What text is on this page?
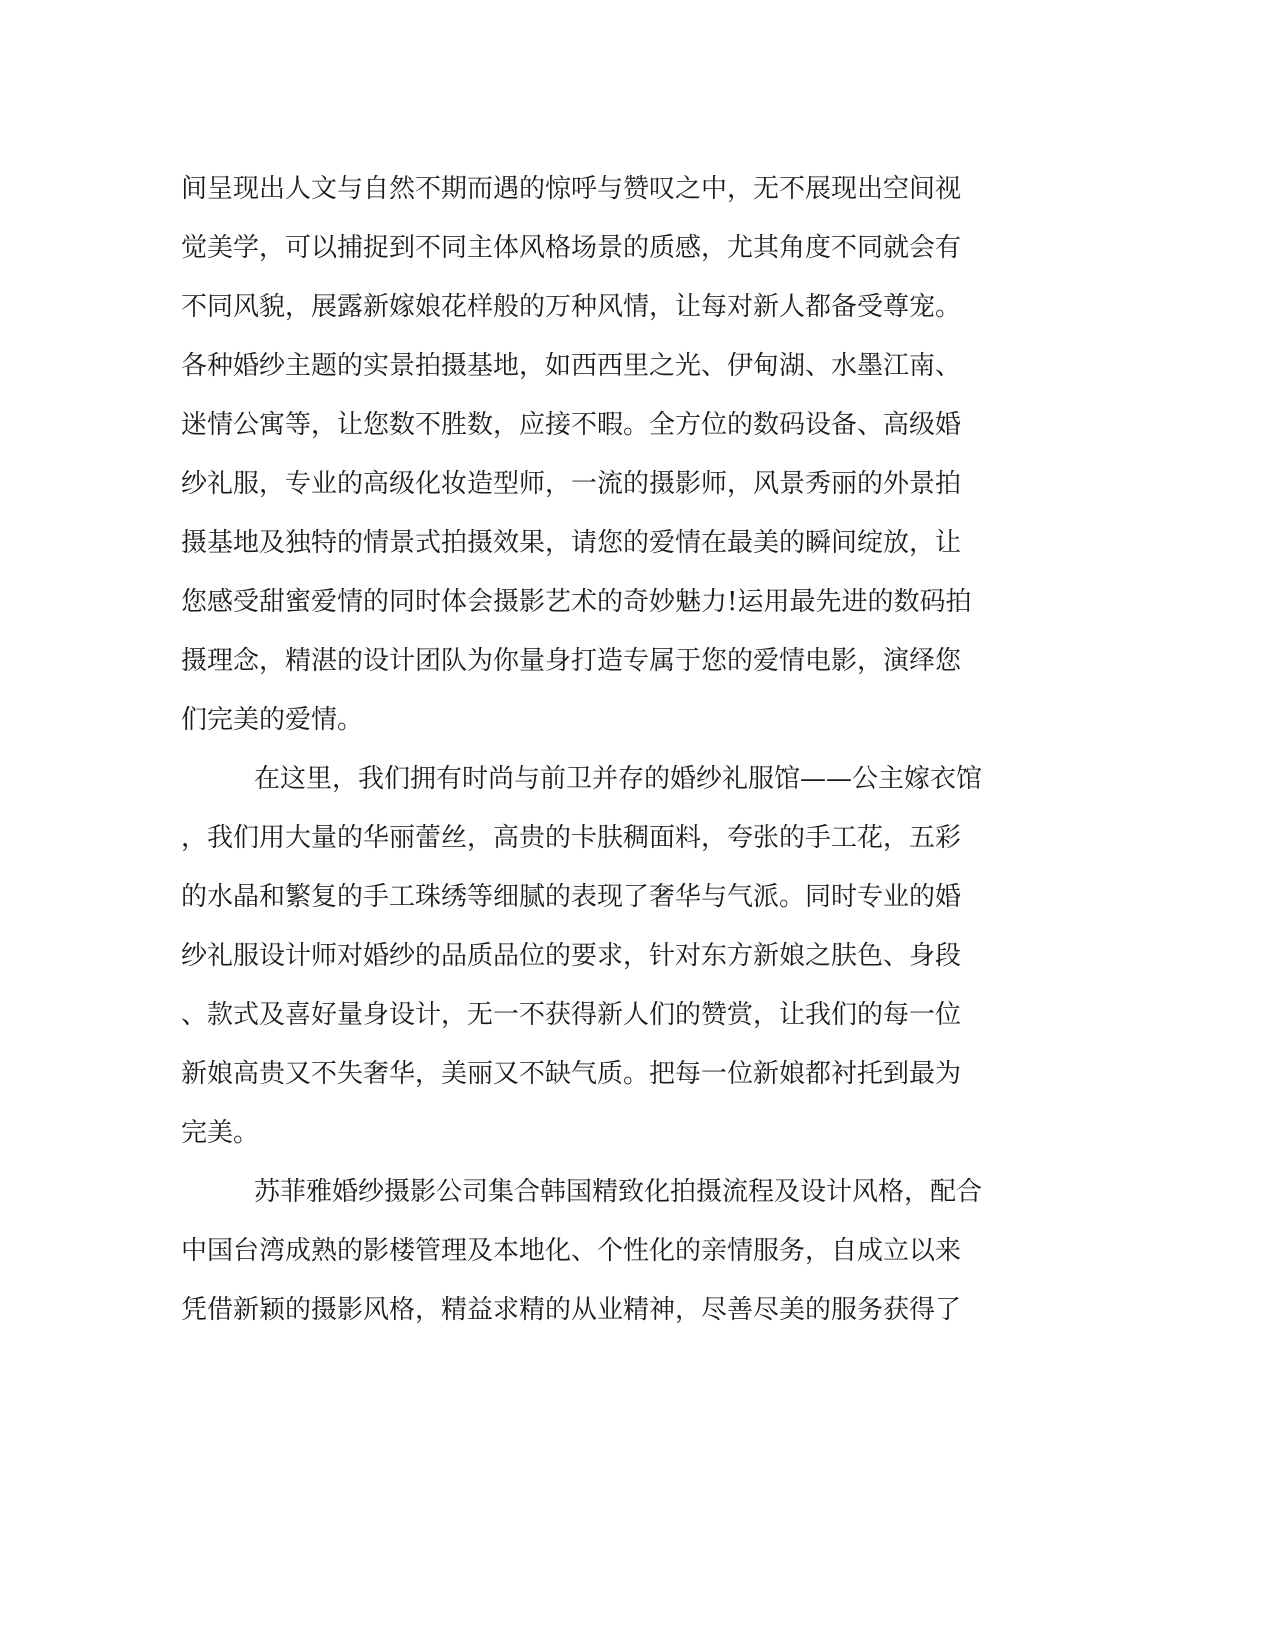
间呈现出人文与自然不期而遇的惊呼与赞叹之中，无不展现出空间视

觉美学，可以捕捉到不同主体风格场景的质感，尤其角度不同就会有

不同风貌，展露新嫁娘花样般的万种风情，让每对新人都备受尊宠。

各种婚纱主题的实景拍摄基地，如西西里之光、伊甸湖、水墨江南、

迷情公寓等，让您数不胜数，应接不暇。全方位的数码设备、高级婚

纱礼服，专业的高级化妆造型师，一流的摄影师，风景秀丽的外景拍

摄基地及独特的情景式拍摄效果，请您的爱情在最美的瞬间绽放，让

您感受甜蜜爱情的同时体会摄影艺术的奇妙魅力!运用最先进的数码拍

摄理念，精湛的设计团队为你量身打造专属于您的爱情电影，演绎您

们完美的爱情。

在这里，我们拥有时尚与前卫并存的婚纱礼服馆——公主嫁衣馆

，我们用大量的华丽蕾丝，高贵的卡肤稠面料，夸张的手工花，五彩

的水晶和繁复的手工珠绣等细腻的表现了奢华与气派。同时专业的婚

纱礼服设计师对婚纱的品质品位的要求，针对东方新娘之肤色、身段

、款式及喜好量身设计，无一不获得新人们的赞赏，让我们的每一位

新娘高贵又不失奢华，美丽又不缺气质。把每一位新娘都衬托到最为

完美。

苏菲雅婚纱摄影公司集合韩国精致化拍摄流程及设计风格，配合

中国台湾成熟的影楼管理及本地化、个性化的亲情服务，自成立以来

凭借新颖的摄影风格，精益求精的从业精神，尽善尽美的服务获得了
